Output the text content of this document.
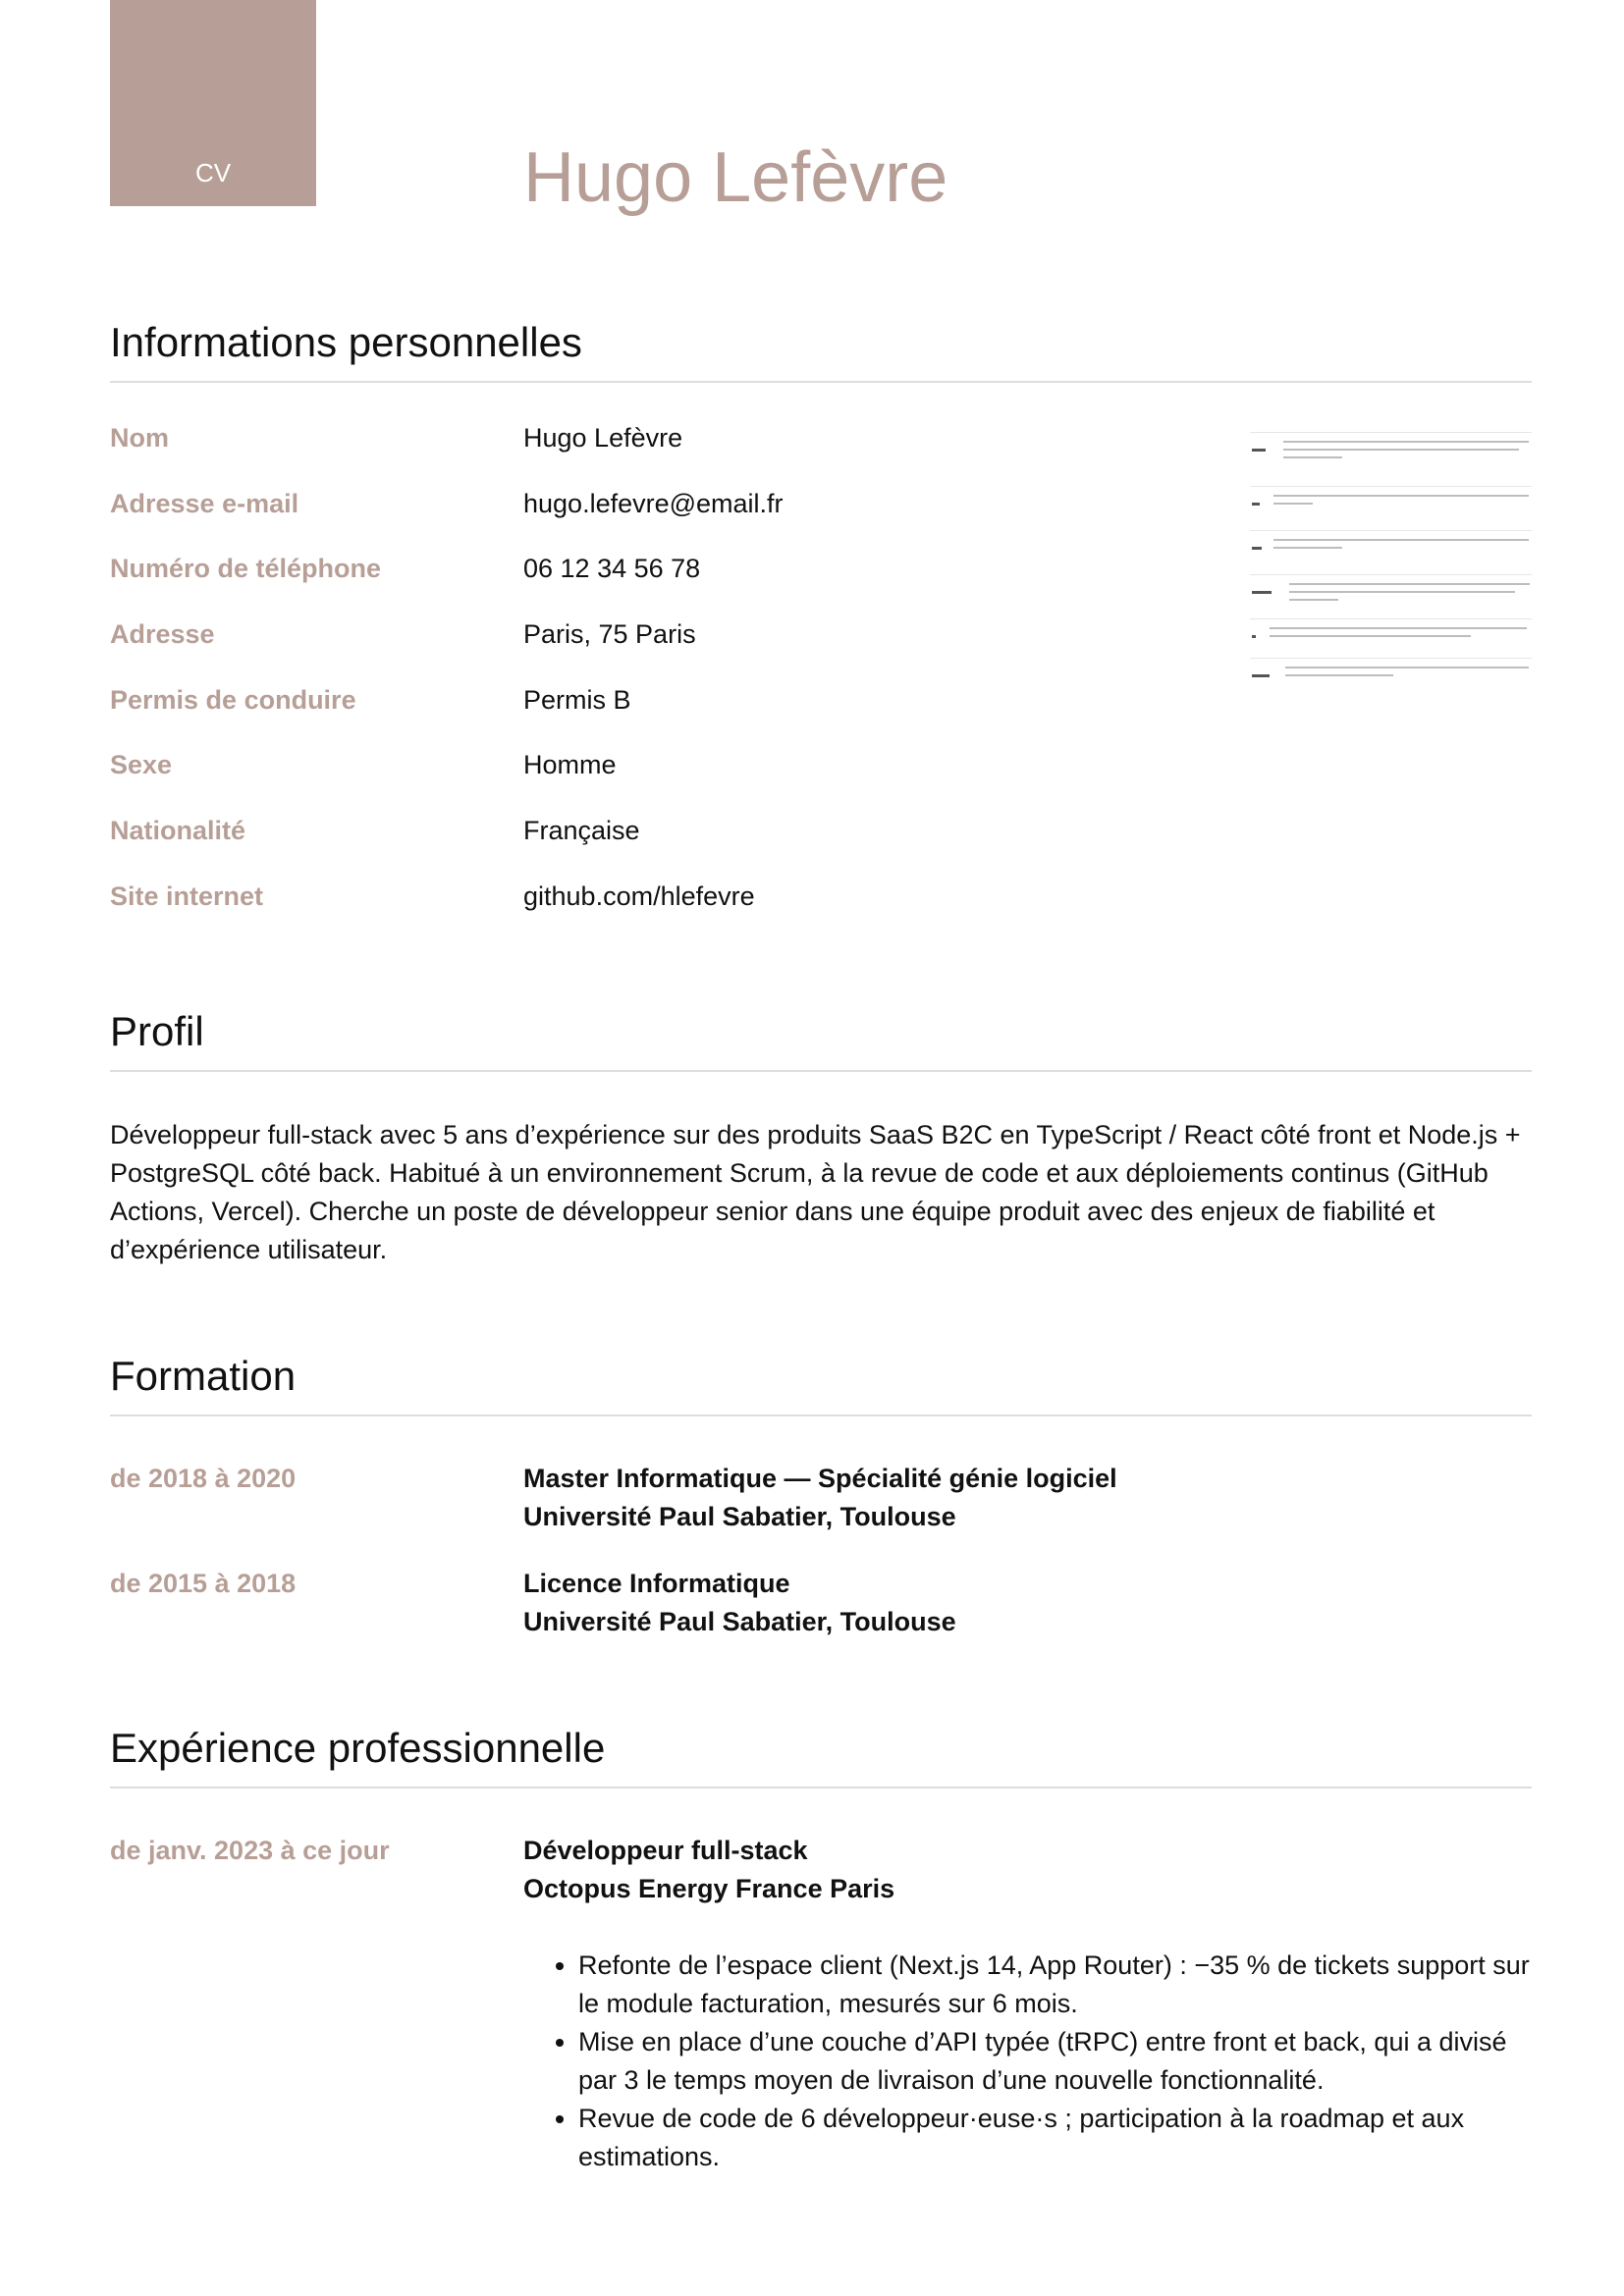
CV	Hugo Lefèvre
Informations personnelles
Nom	Hugo Lefèvre
Adresse e-mail	hugo.lefevre@email.fr
Numéro de téléphone	06 12 34 56 78
Adresse	Paris, 75 Paris
Permis de conduire	Permis B
Sexe	Homme
Nationalité	Française
Site internet	github.com/hlefevre
Profil

Développeur full-stack avec 5 ans d’expérience sur des produits SaaS B2C en TypeScript / React côté front et Node.js + PostgreSQL côté back. Habitué à un environnement Scrum, à la revue de code et aux déploiements continus (GitHub Actions, Vercel). Cherche un poste de développeur senior dans une équipe produit avec des enjeux de fiabilité et d’expérience utilisateur.

Formation
de 2018 à 2020	Master Informatique — Spécialité génie logiciel
Université Paul Sabatier, Toulouse
de 2015 à 2018	Licence Informatique
Université Paul Sabatier, Toulouse
Expérience professionnelle
de janv. 2023 à ce jour	Développeur full-stack
Octopus Energy France Paris
• Refonte de l’espace client (Next.js 14, App Router) : −35 % de tickets support sur le module facturation, mesurés sur 6 mois.
• Mise en place d’une couche d’API typée (tRPC) entre front et back, qui a divisé par 3 le temps moyen de livraison d’une nouvelle fonctionnalité.
• Revue de code de 6 développeur·euse·s ; participation à la roadmap et aux estimations.
